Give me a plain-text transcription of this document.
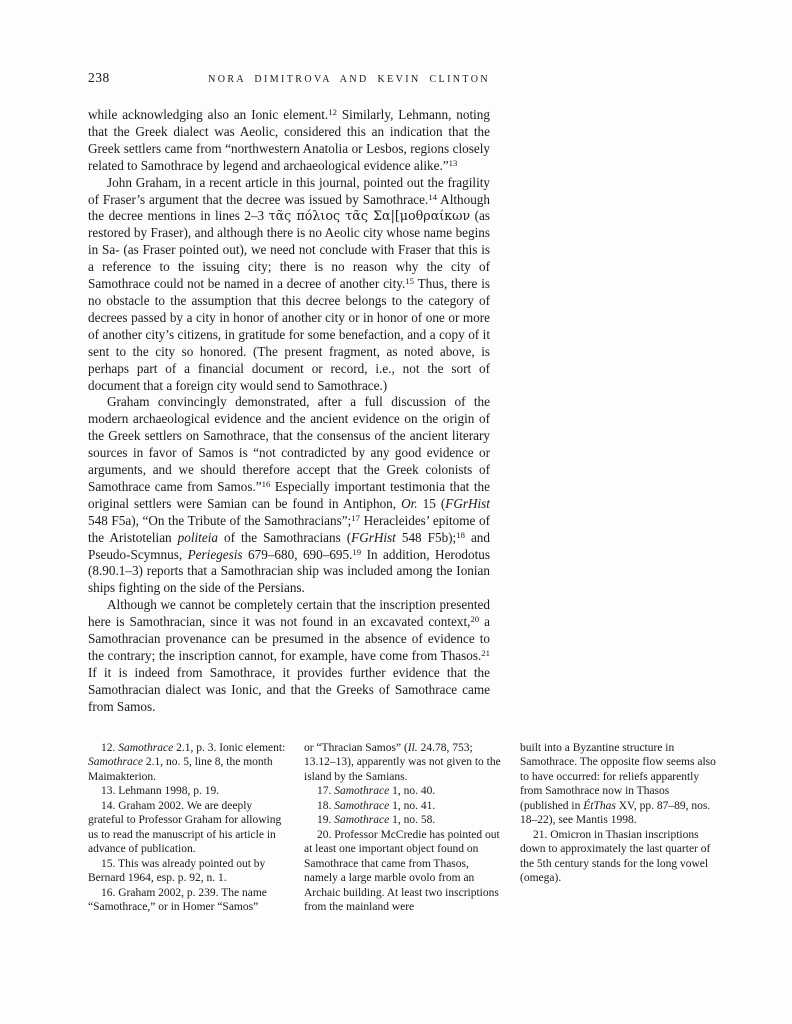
238	NORA DIMITROVA AND KEVIN CLINTON

while acknowledging also an Ionic element.$^{12}$ Similarly, Lehmann, noting that the Greek dialect was Aeolic, considered this an indication that the Greek settlers came from “northwestern Anatolia or Lesbos, regions closely related to Samothrace by legend and archaeological evidence alike.”$^{13}$

John Graham, in a recent article in this journal, pointed out the fragility of Fraser’s argument that the decree was issued by Samothrace.$^{14}$ Although the decree mentions in lines 2–3 τᾶς πόλιος τᾶς Σα|[μοθραίκων (as restored by Fraser), and although there is no Aeolic city whose name begins in Sa- (as Fraser pointed out), we need not conclude with Fraser that this is a reference to the issuing city; there is no reason why the city of Samothrace could not be named in a decree of another city.$^{15}$ Thus, there is no obstacle to the assumption that this decree belongs to the category of decrees passed by a city in honor of another city or in honor of one or more of another city’s citizens, in gratitude for some benefaction, and a copy of it sent to the city so honored. (The present fragment, as noted above, is perhaps part of a financial document or record, i.e., not the sort of document that a foreign city would send to Samothrace.)

Graham convincingly demonstrated, after a full discussion of the modern archaeological evidence and the ancient evidence on the origin of the Greek settlers on Samothrace, that the consensus of the ancient literary sources in favor of Samos is “not contradicted by any good evidence or arguments, and we should therefore accept that the Greek colonists of Samothrace came from Samos.”$^{16}$ Especially important testimonia that the original settlers were Samian can be found in Antiphon, Or. 15 (FGrHist 548 F5a), “On the Tribute of the Samothracians”;$^{17}$ Heracleides’ epitome of the Aristotelian politeia of the Samothracians (FGrHist 548 F5b);$^{18}$ and Pseudo-Scymnus, Periegesis 679–680, 690–695.19 In addition, Herodotus (8.90.1–3) reports that a Samothracian ship was included among the Ionian ships fighting on the side of the Persians.

Although we cannot be completely certain that the inscription presented here is Samothracian, since it was not found in an excavated context,$^{20}$ a Samothracian provenance can be presumed in the absence of evidence to the contrary; the inscription cannot, for example, have come from Thasos.$^{21}$ If it is indeed from Samothrace, it provides further evidence that the Samothracian dialect was Ionic, and that the Greeks of Samothrace came from Samos.

12. Samothrace 2.1, p. 3. Ionic element: Samothrace 2.1, no. 5, line 8, the month Maimakterion.

13. Lehmann 1998, p. 19.

14. Graham 2002. We are deeply grateful to Professor Graham for allowing us to read the manuscript of his article in advance of publication.

15. This was already pointed out by Bernard 1964, esp. p. 92, n. 1.

16. Graham 2002, p. 239. The name “Samothrace,” or in Homer “Samos”

or “Thracian Samos” (Il. 24.78, 753; 13.12–13), apparently was not given to the island by the Samians.

17. Samothrace 1, no. 40.

18. Samothrace 1, no. 41.

19. Samothrace 1, no. 58.

20. Professor McCredie has pointed out at least one important object found on Samothrace that came from Thasos, namely a large marble ovolo from an Archaic building. At least two inscriptions from the mainland were

built into a Byzantine structure in Samothrace. The opposite flow seems also to have occurred: for reliefs apparently from Samothrace now in Thasos (published in ÉtThas XV, pp. 87–89, nos. 18–22), see Mantis 1998.

21. Omicron in Thasian inscriptions down to approximately the last quarter of the 5th century stands for the long vowel (omega).
